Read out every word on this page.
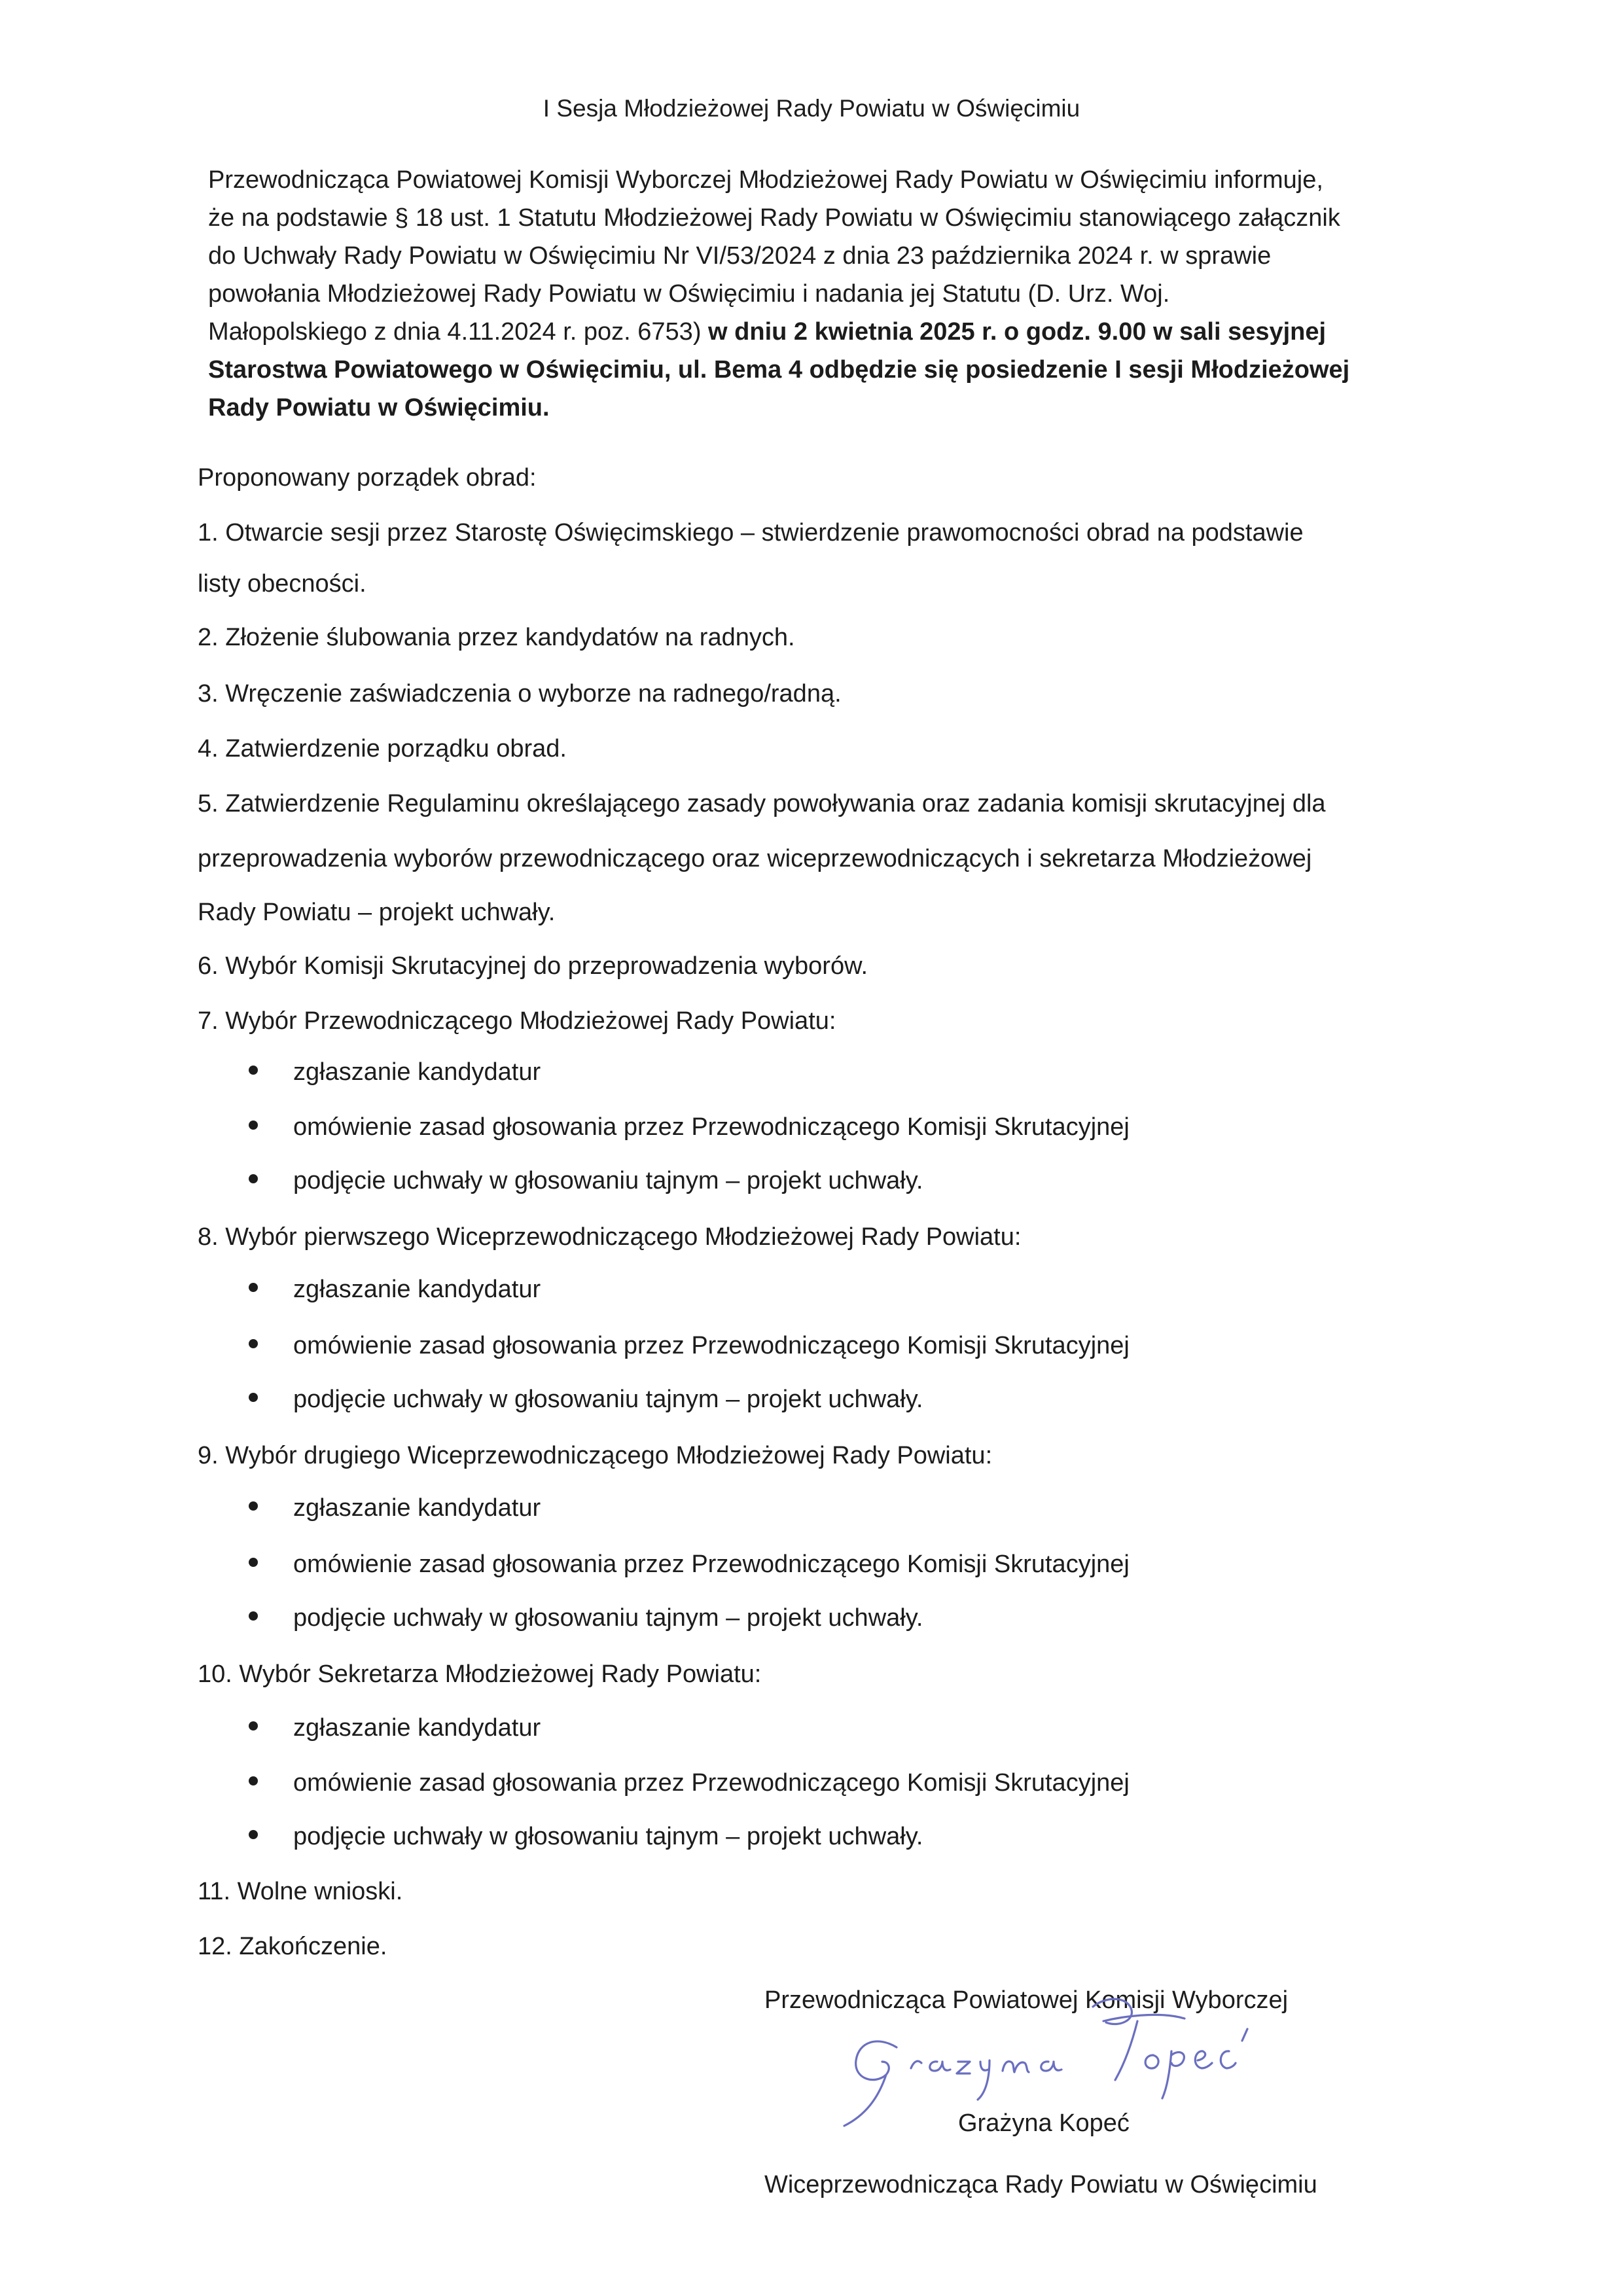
I Sesja Młodzieżowej Rady Powiatu w Oświęcimiu
Przewodnicząca Powiatowej Komisji Wyborczej Młodzieżowej Rady Powiatu w Oświęcimiu informuje,
że na podstawie § 18 ust. 1 Statutu Młodzieżowej Rady Powiatu w Oświęcimiu stanowiącego załącznik
do Uchwały Rady Powiatu w Oświęcimiu Nr VI/53/2024 z dnia 23 października 2024 r. w sprawie
powołania Młodzieżowej Rady Powiatu w Oświęcimiu i nadania jej Statutu (D. Urz. Woj.
Małopolskiego z dnia 4.11.2024 r. poz. 6753) w dniu 2 kwietnia 2025 r. o godz. 9.00 w sali sesyjnej
Starostwa Powiatowego w Oświęcimiu, ul. Bema 4 odbędzie się posiedzenie I sesji Młodzieżowej
Rady Powiatu w Oświęcimiu.
Proponowany porządek obrad:
1. Otwarcie sesji przez Starostę Oświęcimskiego – stwierdzenie prawomocności obrad na podstawie
listy obecności.
2. Złożenie ślubowania przez kandydatów na radnych.
3. Wręczenie zaświadczenia o wyborze na radnego/radną.
4. Zatwierdzenie porządku obrad.
5. Zatwierdzenie Regulaminu określającego zasady powoływania oraz zadania komisji skrutacyjnej dla
przeprowadzenia wyborów przewodniczącego oraz wiceprzewodniczących i sekretarza Młodzieżowej
Rady Powiatu – projekt uchwały.
6. Wybór Komisji Skrutacyjnej do przeprowadzenia wyborów.
7. Wybór Przewodniczącego Młodzieżowej Rady Powiatu:
zgłaszanie kandydatur
omówienie zasad głosowania przez Przewodniczącego Komisji Skrutacyjnej
podjęcie uchwały w głosowaniu tajnym – projekt uchwały.
8. Wybór pierwszego Wiceprzewodniczącego Młodzieżowej Rady Powiatu:
zgłaszanie kandydatur
omówienie zasad głosowania przez Przewodniczącego Komisji Skrutacyjnej
podjęcie uchwały w głosowaniu tajnym – projekt uchwały.
9. Wybór drugiego Wiceprzewodniczącego Młodzieżowej Rady Powiatu:
zgłaszanie kandydatur
omówienie zasad głosowania przez Przewodniczącego Komisji Skrutacyjnej
podjęcie uchwały w głosowaniu tajnym – projekt uchwały.
10. Wybór Sekretarza Młodzieżowej Rady Powiatu:
zgłaszanie kandydatur
omówienie zasad głosowania przez Przewodniczącego Komisji Skrutacyjnej
podjęcie uchwały w głosowaniu tajnym – projekt uchwały.
11. Wolne wnioski.
12. Zakończenie.
Przewodnicząca Powiatowej Komisji Wyborczej
Grażyna Kopeć
Wiceprzewodnicząca Rady Powiatu w Oświęcimiu
